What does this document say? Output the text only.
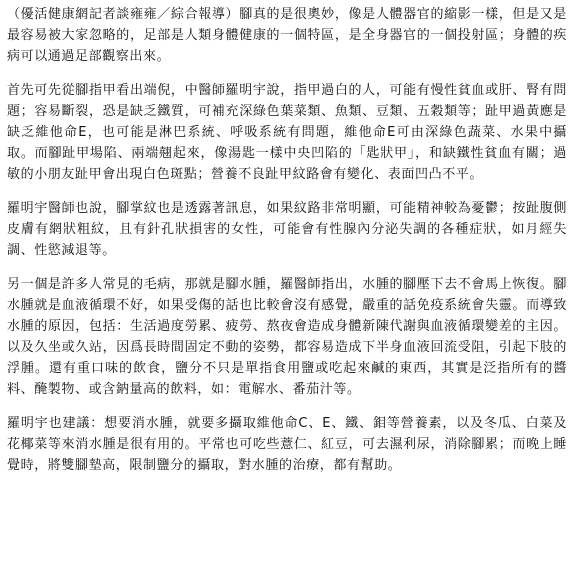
（優活健康網記者談雍雍／綜合報導）腳真的是很奧妙，像是人體器官的縮影一樣，但是又是最容易被大家忽略的，足部是人類身體健康的一個特區，是全身器官的一個投射區；身體的疾病可以通過足部觀察出來。

首先可先從腳指甲看出端倪，中醫師羅明宇說，指甲過白的人，可能有慢性貧血或肝、腎有問題；容易斷裂，恐是缺乏鐵質，可補充深綠色葉菜類、魚類、豆類、五穀類等；趾甲過黃應是缺乏維他命E，也可能是淋巴系統、呼吸系統有問題，維他命E可由深綠色蔬菜、水果中攝取。而腳趾甲場陷、兩端翹起來，像湯匙一樣中央凹陷的「匙狀甲」，和缺鐵性貧血有關；過敏的小朋友趾甲會出現白色斑點；營養不良趾甲紋路會有變化、表面凹凸不平。

羅明宇醫師也說，腳掌紋也是透露著訊息，如果紋路非常明顯，可能精神較為憂鬱；按趾腹側皮膚有網狀粗紋，且有針孔狀損害的女性，可能會有性腺內分泌失調的各種症狀，如月經失調、性慾減退等。

另一個是許多人常見的毛病，那就是腳水腫，羅醫師指出，水腫的腳壓下去不會馬上恢復。腳水腫就是血液循環不好，如果受傷的話也比較會沒有感覺，嚴重的話免疫系統會失靈。而導致水腫的原因，包括：生活過度勞累、疲勞、熬夜會造成身體新陳代謝與血液循環變差的主因。以及久坐或久站，因爲長時間固定不動的姿勢，都容易造成下半身血液回流受阻，引起下肢的浮腫。還有重口味的飲食，鹽分不只是單指食用鹽或吃起來鹹的東西，其實是泛指所有的醬料、醃製物、或含鈉量高的飲料，如：電解水、番茄汁等。

羅明宇也建議：想要消水腫，就要多攝取維他命C、E、鐵、鉬等營養素，以及冬瓜、白菜及花椰菜等來消水腫是很有用的。平常也可吃些薏仁、紅豆，可去濕利尿，消除腳累；而晚上睡覺時，將雙腳墊高，限制鹽分的攝取，對水腫的治療，都有幫助。
